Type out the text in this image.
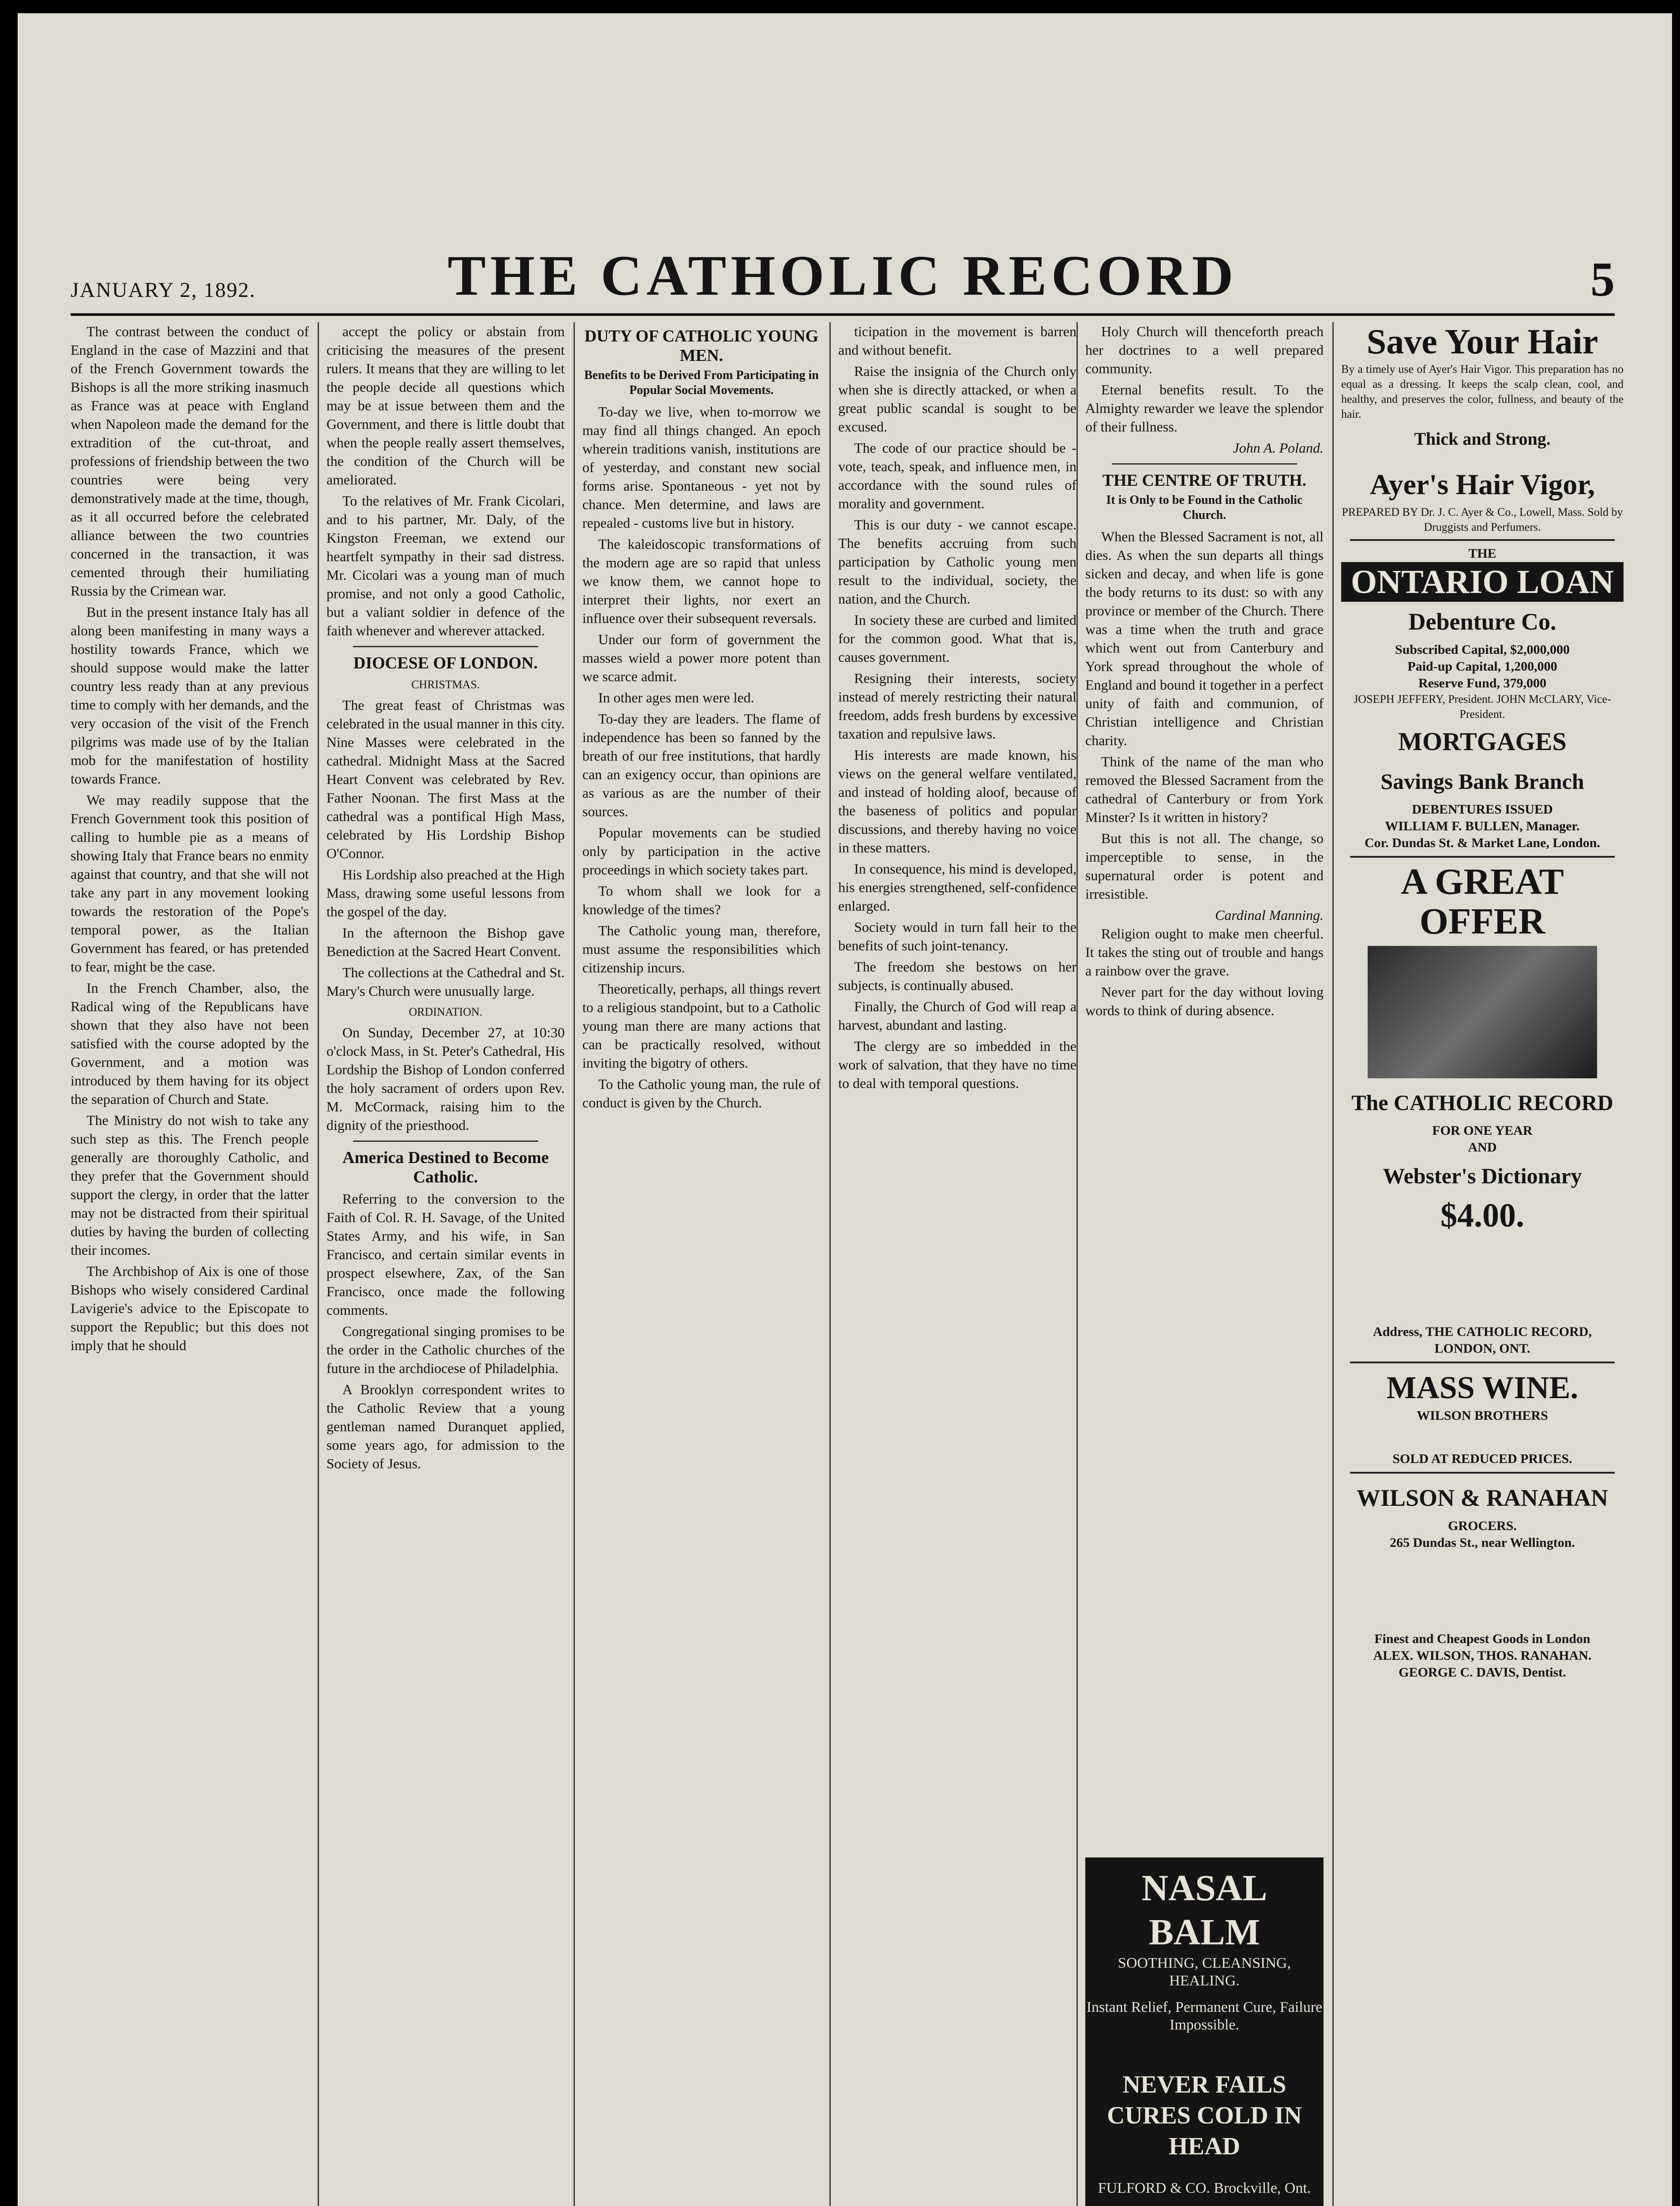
JANUARY 2, 1892.	THE CATHOLIC RECORD	5

The contrast between the conduct of England in the case of Mazzini and that of the French Government towards the Bishops is all the more striking inasmuch as France was at peace with England when Napoleon made the demand for the extradition of the cut-throat, and professions of friendship between the two countries were being very demonstratively made at the time, though, as it all occurred before the celebrated alliance between the two countries concerned in the transaction, it was cemented through their humiliating Russia by the Crimean war.

But in the present instance Italy has all along been manifesting in many ways a hostility towards France, which we should suppose would make the latter country less ready than at any previous time to comply with her demands, and the very occasion of the visit of the French pilgrims was made use of by the Italian mob for the manifestation of hostility towards France.

We may readily suppose that the French Government took this position of calling to humble pie as a means of showing Italy that France bears no enmity against that country, and that she will not take any part in any movement looking towards the restoration of the Pope's temporal power, as the Italian Government has feared, or has pretended to fear, might be the case.

In the French Chamber, also, the Radical wing of the Republicans have shown that they also have not been satisfied with the course adopted by the Government, and a motion was introduced by them having for its object the separation of Church and State.

The Ministry do not wish to take any such step as this. The French people generally are thoroughly Catholic, and they prefer that the Government should support the clergy, in order that the latter may not be distracted from their spiritual duties by having the burden of collecting their incomes.

The Archbishop of Aix is one of those Bishops who wisely considered Cardinal Lavigerie's advice to the Episcopate to support the Republic; but this does not imply that he should

accept the policy or abstain from criticising the measures of the present rulers. It means that they are willing to let the people decide all questions which may be at issue between them and the Government, and there is little doubt that when the people really assert themselves, the condition of the Church will be ameliorated.

To the relatives of Mr. Frank Cicolari, and to his partner, Mr. Daly, of the Kingston Freeman, we extend our heartfelt sympathy in their sad distress. Mr. Cicolari was a young man of much promise, and not only a good Catholic, but a valiant soldier in defence of the faith whenever and wherever attacked.

DIOCESE OF LONDON.
CHRISTMAS.

The great feast of Christmas was celebrated in the usual manner in this city. Nine Masses were celebrated in the cathedral. Midnight Mass at the Sacred Heart Convent was celebrated by Rev. Father Noonan. The first Mass at the cathedral was a pontifical High Mass, celebrated by His Lordship Bishop O'Connor.

His Lordship also preached at the High Mass, drawing some useful lessons from the gospel of the day.

In the afternoon the Bishop gave Benediction at the Sacred Heart Convent.

The collections at the Cathedral and St. Mary's Church were unusually large.

ORDINATION.

On Sunday, December 27, at 10:30 o'clock Mass, in St. Peter's Cathedral, His Lordship the Bishop of London conferred the holy sacrament of orders upon Rev. M. McCormack, raising him to the dignity of the priesthood.

America Destined to Become Catholic.

Referring to the conversion to the Faith of Col. R. H. Savage, of the United States Army, and his wife, in San Francisco, and certain similar events in prospect elsewhere, Zax, of the San Francisco, once made the following comments.

Congregational singing promises to be the order in the Catholic churches of the future in the archdiocese of Philadelphia.

A Brooklyn correspondent writes to the Catholic Review that a young gentleman named Duranquet applied, some years ago, for admission to the Society of Jesus.

DUTY OF CATHOLIC YOUNG MEN.
Benefits to be Derived From Participating in Popular Social Movements.

To-day we live, when to-morrow we may find all things changed. An epoch wherein traditions vanish, institutions are of yesterday, and constant new social forms arise. Spontaneous - yet not by chance. Men determine, and laws are repealed - customs live but in history.

The kaleidoscopic transformations of the modern age are so rapid that unless we know them, we cannot hope to interpret their lights, nor exert an influence over their subsequent reversals.

Under our form of government the masses wield a power more potent than we scarce admit.

In other ages men were led.

To-day they are leaders. The flame of independence has been so fanned by the breath of our free institutions, that hardly can an exigency occur, than opinions are as various as are the number of their sources.

Popular movements can be studied only by participation in the active proceedings in which society takes part.

To whom shall we look for a knowledge of the times?

The Catholic young man, therefore, must assume the responsibilities which citizenship incurs.

Theoretically, perhaps, all things revert to a religious standpoint, but to a Catholic young man there are many actions that can be practically resolved, without inviting the bigotry of others.

To the Catholic young man, the rule of conduct is given by the Church.

ticipation in the movement is barren and without benefit.

Raise the insignia of the Church only when she is directly attacked, or when a great public scandal is sought to be excused.

The code of our practice should be - vote, teach, speak, and influence men, in accordance with the sound rules of morality and government.

This is our duty - we cannot escape. The benefits accruing from such participation by Catholic young men result to the individual, society, the nation, and the Church.

In society these are curbed and limited for the common good. What that is, causes government.

Resigning their interests, society instead of merely restricting their natural freedom, adds fresh burdens by excessive taxation and repulsive laws.

His interests are made known, his views on the general welfare ventilated, and instead of holding aloof, because of the baseness of politics and popular discussions, and thereby having no voice in these matters.

In consequence, his mind is developed, his energies strengthened, self-confidence enlarged.

Society would in turn fall heir to the benefits of such joint-tenancy.

The freedom she bestows on her subjects, is continually abused.

Finally, the Church of God will reap a harvest, abundant and lasting.

The clergy are so imbedded in the work of salvation, that they have no time to deal with temporal questions.

Holy Church will thenceforth preach her doctrines to a well prepared community.

Eternal benefits result. To the Almighty rewarder we leave the splendor of their fullness.

John A. Poland.
THE CENTRE OF TRUTH.
It is Only to be Found in the Catholic Church.

When the Blessed Sacrament is not, all dies. As when the sun departs all things sicken and decay, and when life is gone the body returns to its dust: so with any province or member of the Church. There was a time when the truth and grace which went out from Canterbury and York spread throughout the whole of England and bound it together in a perfect unity of faith and communion, of Christian intelligence and Christian charity.

Think of the name of the man who removed the Blessed Sacrament from the cathedral of Canterbury or from York Minster? Is it written in history?

But this is not all. The change, so imperceptible to sense, in the supernatural order is potent and irresistible.

Cardinal Manning.

Religion ought to make men cheerful. It takes the sting out of trouble and hangs a rainbow over the grave.

Never part for the day without loving words to think of during absence.

NASAL BALM
SOOTHING, CLEANSING, HEALING.
Instant Relief, Permanent Cure, Failure Impossible.
NEVER FAILS CURES COLD IN HEAD
FULFORD & CO. Brockville, Ont.
Save Your Hair
By a timely use of Ayer's Hair Vigor. This preparation has no equal as a dressing. It keeps the scalp clean, cool, and healthy, and preserves the color, fullness, and beauty of the hair.
Thick and Strong.
Ayer's Hair Vigor,
PREPARED BY Dr. J. C. Ayer & Co., Lowell, Mass. Sold by Druggists and Perfumers.
THE
ONTARIO LOAN
Debenture Co.
Subscribed Capital, $2,000,000
Paid-up Capital, 1,200,000
Reserve Fund, 379,000
JOSEPH JEFFERY, President. JOHN McCLARY, Vice-President.
MORTGAGES
Savings Bank Branch
DEBENTURES ISSUED
WILLIAM F. BULLEN, Manager.
Cor. Dundas St. & Market Lane, London.
A GREAT OFFER
The CATHOLIC RECORD
FOR ONE YEAR
AND
Webster's Dictionary
$4.00.
Address, THE CATHOLIC RECORD, LONDON, ONT.
MASS WINE.
WILSON BROTHERS
SOLD AT REDUCED PRICES.
WILSON & RANAHAN
GROCERS.
265 Dundas St., near Wellington.
Finest and Cheapest Goods in London
ALEX. WILSON, THOS. RANAHAN.
GEORGE C. DAVIS, Dentist.
